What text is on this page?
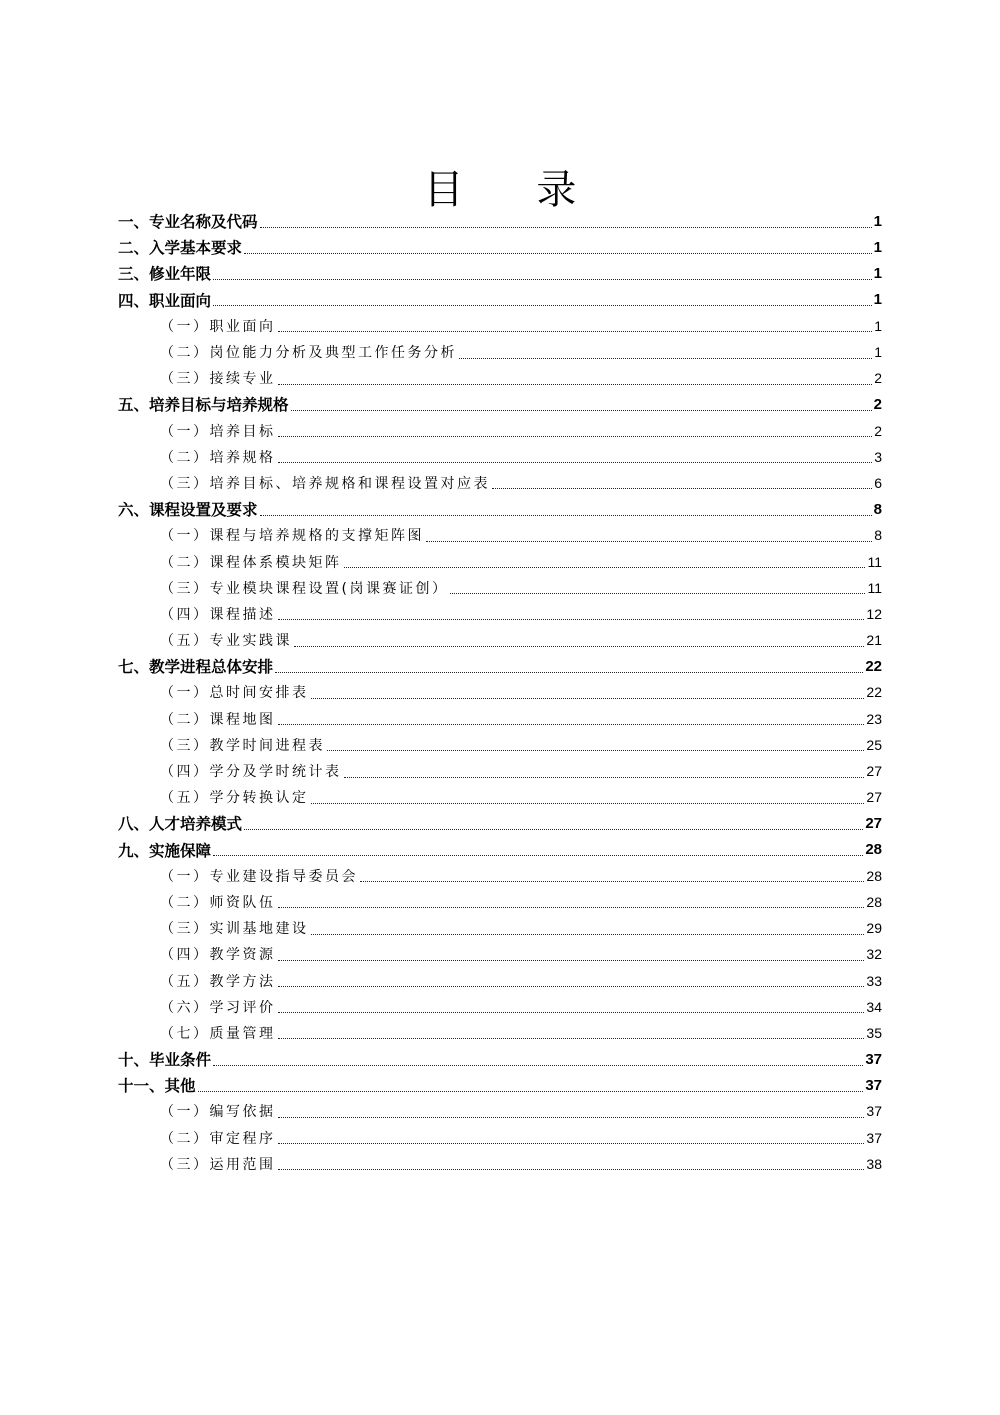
目 录
一、专业名称及代码	1
二、入学基本要求	1
三、修业年限	1
四、职业面向	1
（一）职业面向	1
（二）岗位能力分析及典型工作任务分析	1
（三）接续专业	2
五、培养目标与培养规格	2
（一）培养目标	2
（二）培养规格	3
（三）培养目标、培养规格和课程设置对应表	6
六、课程设置及要求	8
（一）课程与培养规格的支撑矩阵图	8
（二）课程体系模块矩阵	11
（三）专业模块课程设置(岗课赛证创）	11
（四）课程描述	12
（五）专业实践课	21
七、教学进程总体安排	22
（一）总时间安排表	22
（二）课程地图	23
（三）教学时间进程表	25
（四）学分及学时统计表	27
（五）学分转换认定	27
八、人才培养模式	27
九、实施保障	28
（一）专业建设指导委员会	28
（二）师资队伍	28
（三）实训基地建设	29
（四）教学资源	32
（五）教学方法	33
（六）学习评价	34
（七）质量管理	35
十、毕业条件	37
十一、其他	37
（一）编写依据	37
（二）审定程序	37
（三）运用范围	38
